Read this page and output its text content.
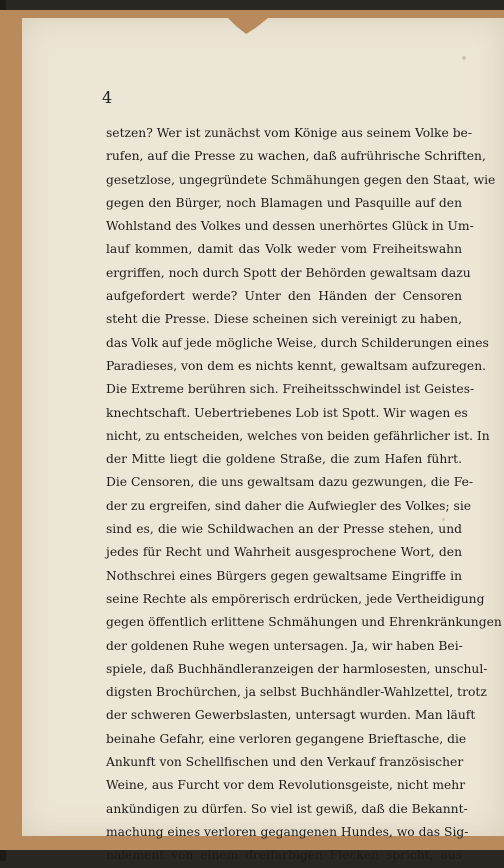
4
setzen? Wer ist zunächst vom Könige aus seinem Volke be-
rufen, auf die Presse zu wachen, daß aufrührische Schriften,
gesetzlose, ungegründete Schmähungen gegen den Staat, wie
gegen den Bürger, noch Blamagen und Pasquille auf den
Wohlstand des Volkes und dessen unerhörtes Glück in Um-
lauf kommen, damit das Volk weder vom Freiheitswahn
ergriffen, noch durch Spott der Behörden gewaltsam dazu
aufgefordert werde? Unter den Händen der Censoren
steht die Presse. Diese scheinen sich vereinigt zu haben,
das Volk auf jede mögliche Weise, durch Schilderungen eines
Paradieses, von dem es nichts kennt, gewaltsam aufzuregen.
Die Extreme berühren sich. Freiheitsschwindel ist Geistes-
knechtschaft. Uebertriebenes Lob ist Spott. Wir wagen es
nicht, zu entscheiden, welches von beiden gefährlicher ist. In
der Mitte liegt die goldene Straße, die zum Hafen führt.
Die Censoren, die uns gewaltsam dazu gezwungen, die Fe-
der zu ergreifen, sind daher die Aufwiegler des Volkes; sie
sind es, die wie Schildwachen an der Presse stehen, und
jedes für Recht und Wahrheit ausgesprochene Wort, den
Nothschrei eines Bürgers gegen gewaltsame Eingriffe in
seine Rechte als empörerisch erdrücken, jede Vertheidigung
gegen öffentlich erlittene Schmähungen und Ehrenkränkungen
der goldenen Ruhe wegen untersagen. Ja, wir haben Bei-
spiele, daß Buchhändleranzeigen der harmlosesten, unschul-
digsten Brochürchen, ja selbst Buchhändler-Wahlzettel, trotz
der schweren Gewerbslasten, untersagt wurden. Man läuft
beinahe Gefahr, eine verloren gegangene Brieftasche, die
Ankunft von Schellfischen und den Verkauf französischer
Weine, aus Furcht vor dem Revolutionsgeiste, nicht mehr
ankündigen zu dürfen. So viel ist gewiß, daß die Bekannt-
machung eines verloren gegangenen Hundes, wo das Sig-
nalement von einem dreifarbigen Flecken spricht, aus
